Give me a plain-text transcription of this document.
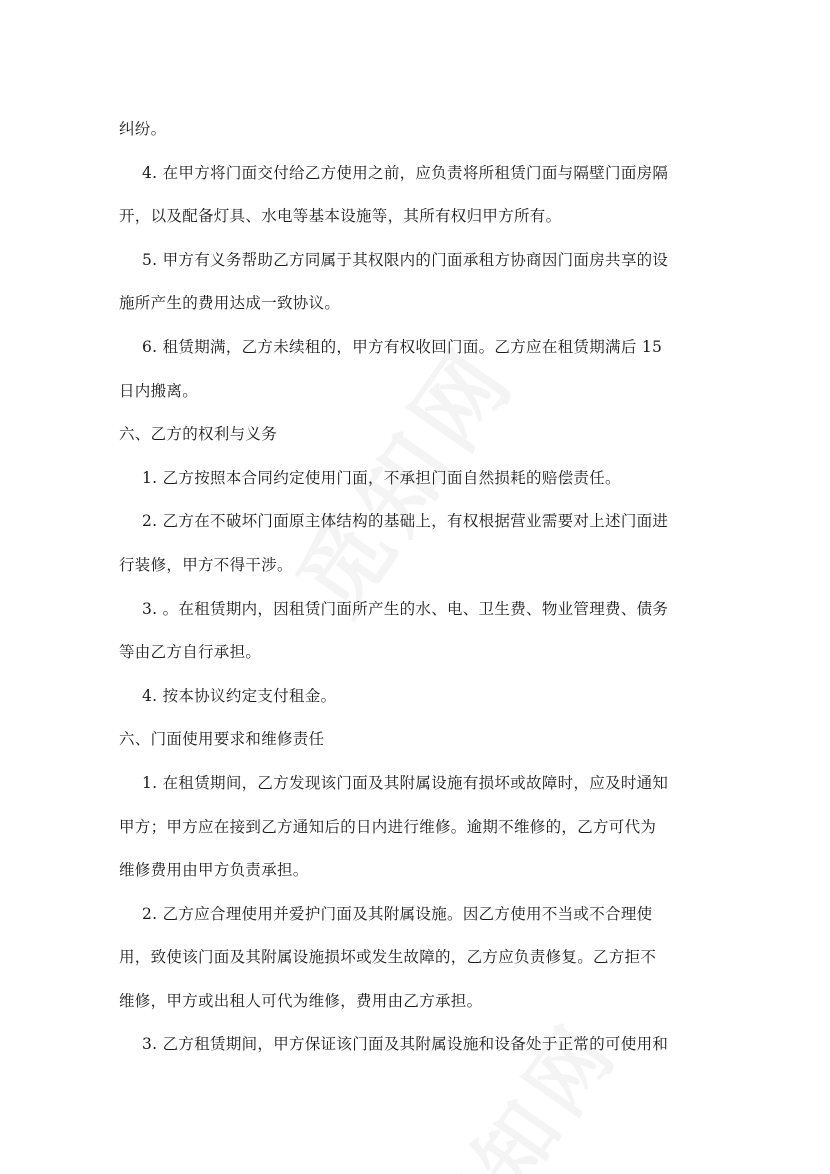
纠纷。
4. 在甲方将门面交付给乙方使用之前，应负责将所租赁门面与隔壁门面房隔
开，以及配备灯具、水电等基本设施等，其所有权归甲方所有。
5. 甲方有义务帮助乙方同属于其权限内的门面承租方协商因门面房共享的设
施所产生的费用达成一致协议。
6. 租赁期满，乙方未续租的，甲方有权收回门面。乙方应在租赁期满后 15
日内搬离。
六、乙方的权利与义务
1. 乙方按照本合同约定使用门面，不承担门面自然损耗的赔偿责任。
2. 乙方在不破坏门面原主体结构的基础上，有权根据营业需要对上述门面进
行装修，甲方不得干涉。
3. 。在租赁期内，因租赁门面所产生的水、电、卫生费、物业管理费、债务
等由乙方自行承担。
4. 按本协议约定支付租金。
六、门面使用要求和维修责任
1. 在租赁期间，乙方发现该门面及其附属设施有损坏或故障时，应及时通知
甲方；甲方应在接到乙方通知后的日内进行维修。逾期不维修的，乙方可代为
维修费用由甲方负责承担。
2. 乙方应合理使用并爱护门面及其附属设施。因乙方使用不当或不合理使
用，致使该门面及其附属设施损坏或发生故障的，乙方应负责修复。乙方拒不
维修，甲方或出租人可代为维修，费用由乙方承担。
3. 乙方租赁期间，甲方保证该门面及其附属设施和设备处于正常的可使用和
